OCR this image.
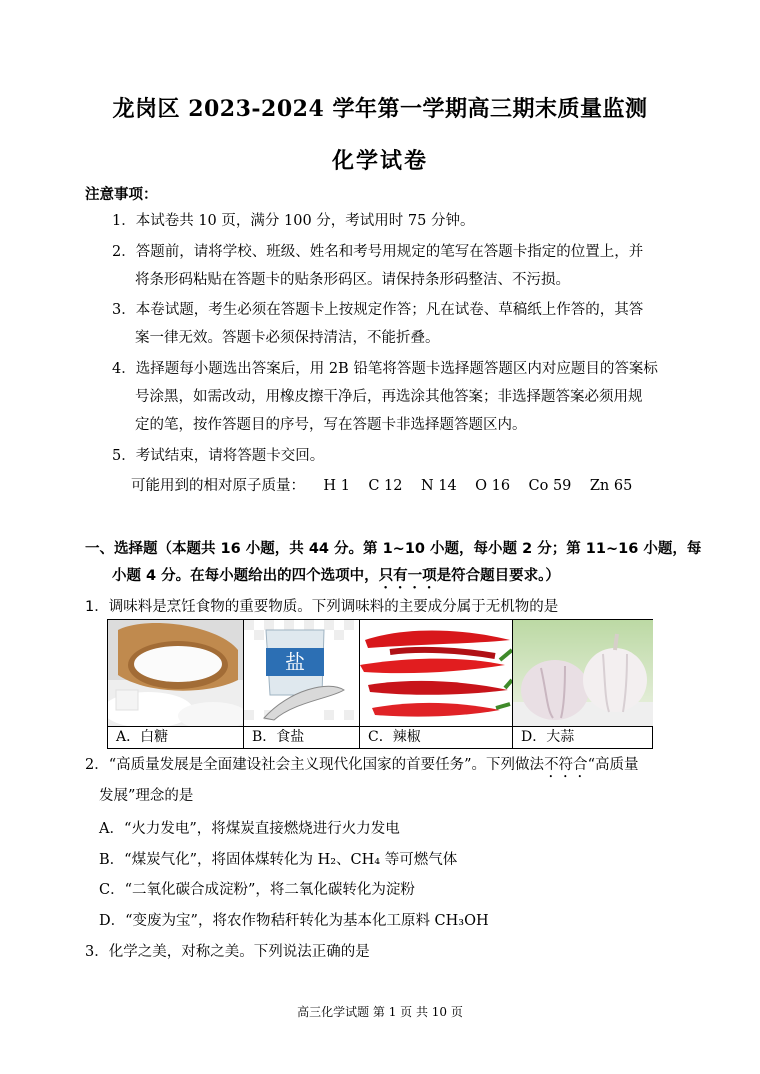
龙岗区 2023-2024 学年第一学期高三期末质量监测
化学试卷
注意事项：
1．本试卷共 10 页，满分 100 分，考试用时 75 分钟。
2．答题前，请将学校、班级、姓名和考号用规定的笔写在答题卡指定的位置上，并
将条形码粘贴在答题卡的贴条形码区。请保持条形码整洁、不污损。
3．本卷试题，考生必须在答题卡上按规定作答；凡在试卷、草稿纸上作答的，其答
案一律无效。答题卡必须保持清洁，不能折叠。
4．选择题每小题选出答案后，用 2B 铅笔将答题卡选择题答题区内对应题目的答案标
号涂黑，如需改动，用橡皮擦干净后，再选涂其他答案；非选择题答案必须用规
定的笔，按作答题目的序号，写在答题卡非选择题答题区内。
5．考试结束，请将答题卡交回。
可能用到的相对原子质量：    H 1    C 12    N 14    O 16    Co 59    Zn 65
一、选择题（本题共 16 小题，共 44 分。第 1~10 小题，每小题 2 分；第 11~16 小题，每
小题 4 分。在每小题给出的四个选项中，只有一项是符合题目要求。）
1．调味料是烹饪食物的重要物质。下列调味料的主要成分属于无机物的是
A．白糖
盐
B．食盐	C．辣椒	D．大蒜
2．“高质量发展是全面建设社会主义现代化国家的首要任务”。下列做法不符合“高质量
发展”理念的是
A．“火力发电”，将煤炭直接燃烧进行火力发电
B．“煤炭气化”，将固体煤转化为 H₂、CH₄ 等可燃气体
C．“二氧化碳合成淀粉”，将二氧化碳转化为淀粉
D．“变废为宝”，将农作物秸秆转化为基本化工原料 CH₃OH
3．化学之美，对称之美。下列说法正确的是
高三化学试题 第 1 页 共 10 页
